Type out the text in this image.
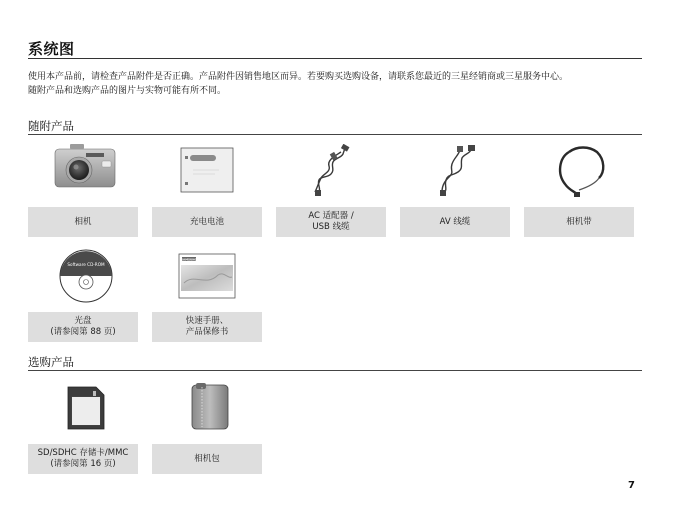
系统图
使用本产品前，请检查产品附件是否正确。产品附件因销售地区而异。若要购买选购设备，请联系您最近的三星经销商或三星服务中心。
随附产品和选购产品的图片与实物可能有所不同。
随附产品
相机	充电电池
AC 适配器 /
USB 线缆
AV 线缆	相机带
Software CD-ROM
SAMSUNG
光盘
(请参阅第 88 页)
快速手册、
产品保修书
选购产品
SD/SDHC 存储卡/MMC
(请参阅第 16 页)
相机包
7
